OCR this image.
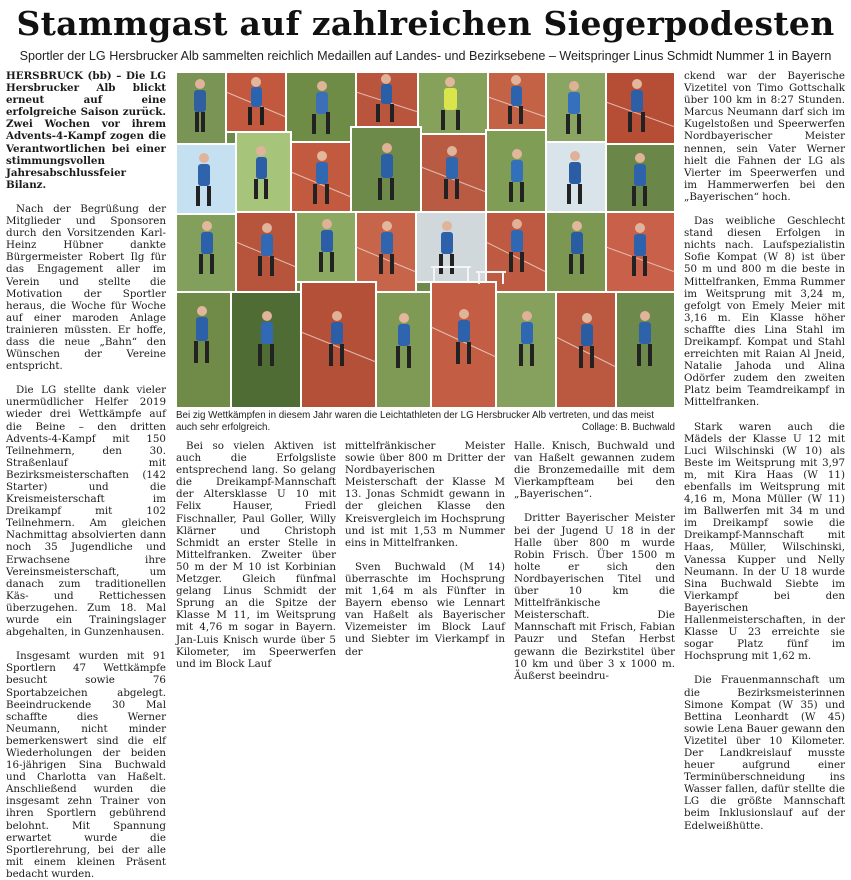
Stammgast auf zahlreichen Siegerpodesten
Sportler der LG Hersbrucker Alb sammelten reichlich Medaillen auf Landes- und Bezirksebene – Weitspringer Linus Schmidt Nummer 1 in Bayern

HERSBRUCK (bb) – Die LG Hersbrucker Alb blickt erneut auf eine erfolgreiche Saison zurück. Zwei Wochen vor ihrem Advents-4-Kampf zogen die Verantwortlichen bei einer stimmungsvollen Jahresabschlussfeier Bilanz.

Nach der Begrüßung der Mitglieder und Sponsoren durch den Vorsitzenden Karl-Heinz Hübner dankte Bürgermeister Robert Ilg für das Engagement aller im Verein und stellte die Motivation der Sportler heraus, die Woche für Woche auf einer maroden Anlage trainieren müssten. Er hoffe, dass die neue „Bahn“ den Wünschen der Vereine entspricht.

Die LG stellte dank vieler unermüdlicher Helfer 2019 wieder drei Wettkämpfe auf die Beine – den dritten Advents-4-Kampf mit 150 Teilnehmern, den 30. Straßenlauf mit Bezirksmeisterschaften (142 Starter) und die Kreismeisterschaft im Dreikampf mit 102 Teilnehmern. Am gleichen Nachmittag absolvierten dann noch 35 Jugendliche und Erwachsene ihre Vereinsmeisterschaft, um danach zum traditionellen Käs- und Rettichessen überzugehen. Zum 18. Mal wurde ein Trainingslager abgehalten, in Gunzenhausen.

Insgesamt wurden mit 91 Sportlern 47 Wettkämpfe besucht sowie 76 Sportabzeichen abgelegt. Beeindruckende 30 Mal schaffte dies Werner Neumann, nicht minder bemerkenswert sind die elf Wiederholungen der beiden 16-jährigen Sina Buchwald und Charlotta van Haßelt. Anschließend wurden die insgesamt zehn Trainer von ihren Sportlern gebührend belohnt. Mit Spannung erwartet wurde die Sportlerehrung, bei der alle mit einem kleinen Präsent bedacht wurden.

Bei zig Wettkämpfen in diesem Jahr waren die Leichtathleten der LG Hersbrucker Alb vertreten, und das meist auch sehr erfolgreich.	Collage: B. Buchwald

Bei so vielen Aktiven ist auch die Erfolgsliste entsprechend lang. So gelang die Dreikampf-Mannschaft der Altersklasse U 10 mit Felix Hauser, Friedl Fischnaller, Paul Goller, Willy Klärner und Christoph Schmidt an erster Stelle in Mittelfranken. Zweiter über 50 m der M 10 ist Korbinian Metzger. Gleich fünfmal gelang Linus Schmidt der Sprung an die Spitze der Klasse M 11, im Weitsprung mit 4,76 m sogar in Bayern. Jan-Luis Knisch wurde über 5 Kilometer, im Speerwerfen und im Block Lauf

mittelfränkischer Meister sowie über 800 m Dritter der Nordbayerischen Meisterschaft der Klasse M 13. Jonas Schmidt gewann in der gleichen Klasse den Kreisvergleich im Hochsprung und ist mit 1,53 m Nummer eins in Mittelfranken.

Sven Buchwald (M 14) überraschte im Hochsprung mit 1,64 m als Fünfter in Bayern ebenso wie Lennart van Haßelt als Bayerischer Vizemeister im Block Lauf und Siebter im Vierkampf in der

Halle. Knisch, Buchwald und van Haßelt gewannen zudem die Bronzemedaille mit dem Vierkampfteam bei den „Bayerischen“.

Dritter Bayerischer Meister bei der Jugend U 18 in der Halle über 800 m wurde Robin Frisch. Über 1500 m holte er sich den Nordbayerischen Titel und über 10 km die Mittelfränkische Meisterschaft. Die Mannschaft mit Frisch, Fabian Pauzr und Stefan Herbst gewann die Bezirkstitel über 10 km und über 3 x 1000 m. Äußerst beeindru-

ckend war der Bayerische Vizetitel von Timo Gottschalk über 100 km in 8:27 Stunden. Marcus Neumann darf sich im Kugelstoßen und Speerwerfen Nordbayerischer Meister nennen, sein Vater Werner hielt die Fahnen der LG als Vierter im Speerwerfen und im Hammerwerfen bei den „Bayerischen“ hoch.

Das weibliche Geschlecht stand diesen Erfolgen in nichts nach. Laufspezialistin Sofie Kompat (W 8) ist über 50 m und 800 m die beste in Mittelfranken, Emma Rummer im Weitsprung mit 3,24 m, gefolgt von Emely Meier mit 3,16 m. Ein Klasse höher schaffte dies Lina Stahl im Dreikampf. Kompat und Stahl erreichten mit Raian Al Jneid, Natalie Jahoda und Alina Odörfer zudem den zweiten Platz beim Teamdreikampf in Mittelfranken.

Stark waren auch die Mädels der Klasse U 12 mit Luci Wilschinski (W 10) als Beste im Weitsprung mit 3,97 m, mit Kira Haas (W 11) ebenfalls im Weitsprung mit 4,16 m, Mona Müller (W 11) im Ballwerfen mit 34 m und im Dreikampf sowie die Dreikampf-Mannschaft mit Haas, Müller, Wilschinski, Vanessa Kupper und Nelly Neumann. In der U 18 wurde Sina Buchwald Siebte im Vierkampf bei den Bayerischen Hallenmeisterschaften, in der Klasse U 23 erreichte sie sogar Platz fünf im Hochsprung mit 1,62 m.

Die Frauenmannschaft um die Bezirksmeisterinnen Simone Kompat (W 35) und Bettina Leonhardt (W 45) sowie Lena Bauer gewann den Vizetitel über 10 Kilometer. Der Landkreislauf musste heuer aufgrund einer Terminüberschneidung ins Wasser fallen, dafür stellte die LG die größte Mannschaft beim Inklusionslauf auf der Edelweißhütte.
